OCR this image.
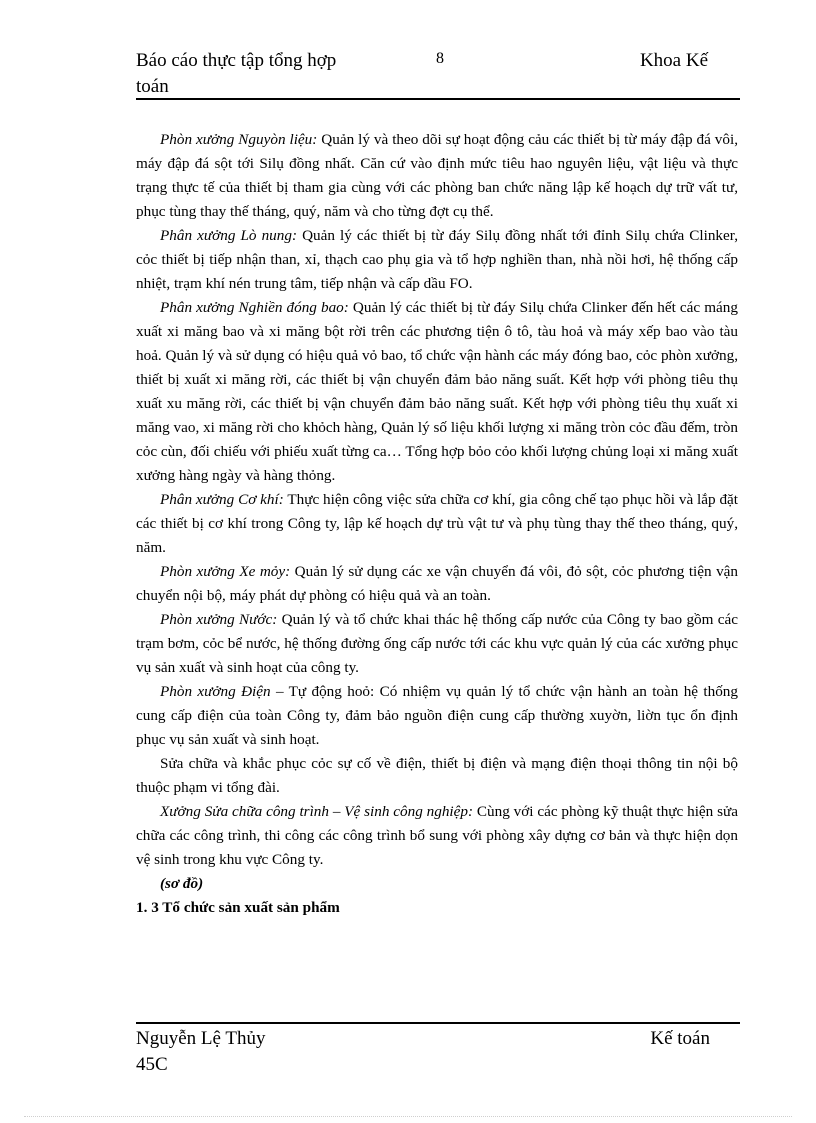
Báo cáo thực tập tổng hợp
toán
8	Khoa Kế

Phòn xưởng Nguyòn liệu: Quản lý và theo dõi sự hoạt động cảu các thiết bị từ máy đập đá vôi, máy đập đá sột tới Silụ đồng nhất. Căn cứ vào định mức tiêu hao nguyên liệu, vật liệu và thực trạng thực tế của thiết bị tham gia cùng với các phòng ban chức năng lập kế hoạch dự trữ vất tư, phục tùng thay thế tháng, quý, năm và cho từng đợt cụ thể.

Phân xưởng Lò nung: Quản lý các thiết bị từ đáy Silụ đồng nhất tới đỉnh Silụ chứa Clinker, cỏc thiết bị tiếp nhận than, xỉ, thạch cao phụ gia và tổ hợp nghiền than, nhà nồi hơi, hệ thống cấp nhiệt, trạm khí nén trung tâm, tiếp nhận và cấp dầu FO.

Phân xưởng Nghiền đóng bao: Quản lý các thiết bị từ đáy Silụ chứa Clinker đến hết các máng xuất xi măng bao và xi măng bột rời trên các phương tiện ô tô, tàu hoả và máy xếp bao vào tàu hoả. Quản lý và sử dụng có hiệu quả vỏ bao, tổ chức vận hành các máy đóng bao, cỏc phòn xưởng, thiết bị xuất xi măng rời, các thiết bị vận chuyển đảm bảo năng suất. Kết hợp với phòng tiêu thụ xuất xu măng rời, các thiết bị vận chuyển đảm bảo năng suất. Kết hợp với phòng tiêu thụ xuất xi măng vao, xi măng rời cho khỏch hàng, Quản lý số liệu khối lượng xi măng tròn cỏc đầu đếm, tròn cỏc cùn, đối chiếu với phiếu xuất từng ca… Tổng hợp bỏo cỏo khối lượng chủng loại xi măng xuất xưởng hàng ngày và hàng thỏng.

Phân xưởng Cơ khí: Thực hiện công việc sửa chữa cơ khí, gia công chế tạo phục hồi và lắp đặt các thiết bị cơ khí trong Công ty, lập kế hoạch dự trù vật tư và phụ tùng thay thế theo tháng, quý, năm.

Phòn xưởng Xe mỏy: Quản lý sử dụng các xe vận chuyển đá vôi, đỏ sột, cỏc phương tiện vận chuyển nội bộ, máy phát dự phòng có hiệu quả và an toàn.

Phòn xưởng Nước: Quản lý và tổ chức khai thác hệ thống cấp nước của Công ty bao gồm các trạm bơm, cỏc bể nước, hệ thống đường ống cấp nước tới các khu vực quản lý của các xưởng phục vụ sản xuất và sinh hoạt của công ty.

Phòn xưởng Điện – Tự động hoỏ: Có nhiệm vụ quản lý tổ chức vận hành an toàn hệ thống cung cấp điện của toàn Công ty, đảm bảo nguồn điện cung cấp thường xuyờn, liờn tục ổn định phục vụ sản xuất và sinh hoạt.

Sửa chữa và khắc phục cỏc sự cố về điện, thiết bị điện và mạng điện thoại thông tin nội bộ thuộc phạm vi tổng đài.

Xưởng Sửa chữa công trình – Vệ sinh công nghiệp: Cùng với các phòng kỹ thuật thực hiện sửa chữa các công trình, thi công các công trình bổ sung với phòng xây dựng cơ bản và thực hiện dọn vệ sinh trong khu vực Công ty.

(sơ đồ)
1. 3 Tổ chức sản xuất sản phẩm
Nguyễn Lệ Thủy
45C
Kế toán
